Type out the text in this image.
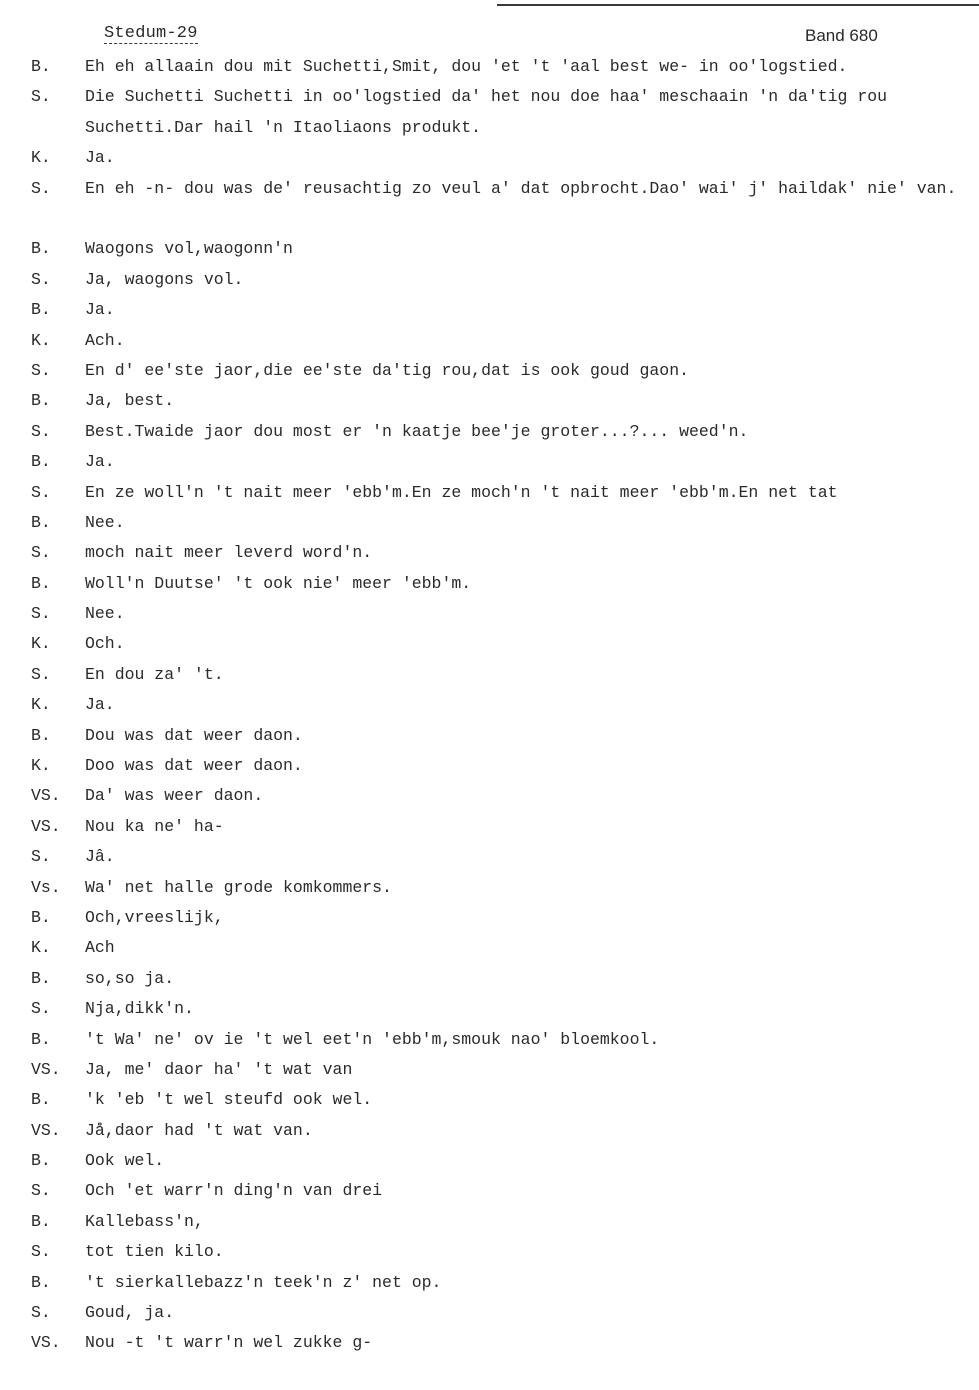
Stedum-29	Band 680
B.	Eh eh allaain dou mit Suchetti,Smit, dou 'et 't 'aal best we- in oo'logstied.
S.	Die Suchetti Suchetti in oo'logstied da' het nou doe haa' meschaain 'n da'tig rou Suchetti.Dar hail 'n Itaoliaons produkt.
K.	Ja.
S.	En eh -n- dou was de' reusachtig zo veul a' dat opbrocht.Dao' wai' j' haildak' nie' van.
B.	Waogons vol,waogonn'n
S.	Ja, waogons vol.
B.	Ja.
K.	Ach.
S.	En d' ee'ste jaor,die ee'ste da'tig rou,dat is ook goud gaon.
B.	Ja, best.
S.	Best.Twaide jaor dou most er 'n kaatje bee'je groter...?... weed'n.
B.	Ja.
S.	En ze woll'n 't nait meer 'ebb'm.En ze moch'n 't nait meer 'ebb'm.En net tat
B.	Nee.
S.	moch nait meer leverd word'n.
B.	Woll'n Duutse' 't ook nie' meer 'ebb'm.
S.	Nee.
K.	Och.
S.	En dou za' 't.
K.	Ja.
B.	Dou was dat weer daon.
K.	Doo was dat weer daon.
VS.	Da' was weer daon.
VS.	Nou ka ne' ha-
S.	Jâ.
Vs.	Wa' net halle grode komkommers.
B.	Och,vreeslijk,
K.	Ach
B.	so,so ja.
S.	Nja,dikk'n.
B.	't Wa' ne' ov ie 't wel eet'n 'ebb'm,smouk nao' bloemkool.
VS.	Ja, me' daor ha' 't wat van
B.	'k 'eb 't wel steufd ook wel.
VS.	Jå,daor had 't wat van.
B.	Ook wel.
S.	Och 'et warr'n ding'n van drei
B.	Kallebass'n,
S.	tot tien kilo.
B.	't sierkallebazz'n teek'n z' net op.
S.	Goud, ja.
VS.	Nou -t 't warr'n wel zukke g-
